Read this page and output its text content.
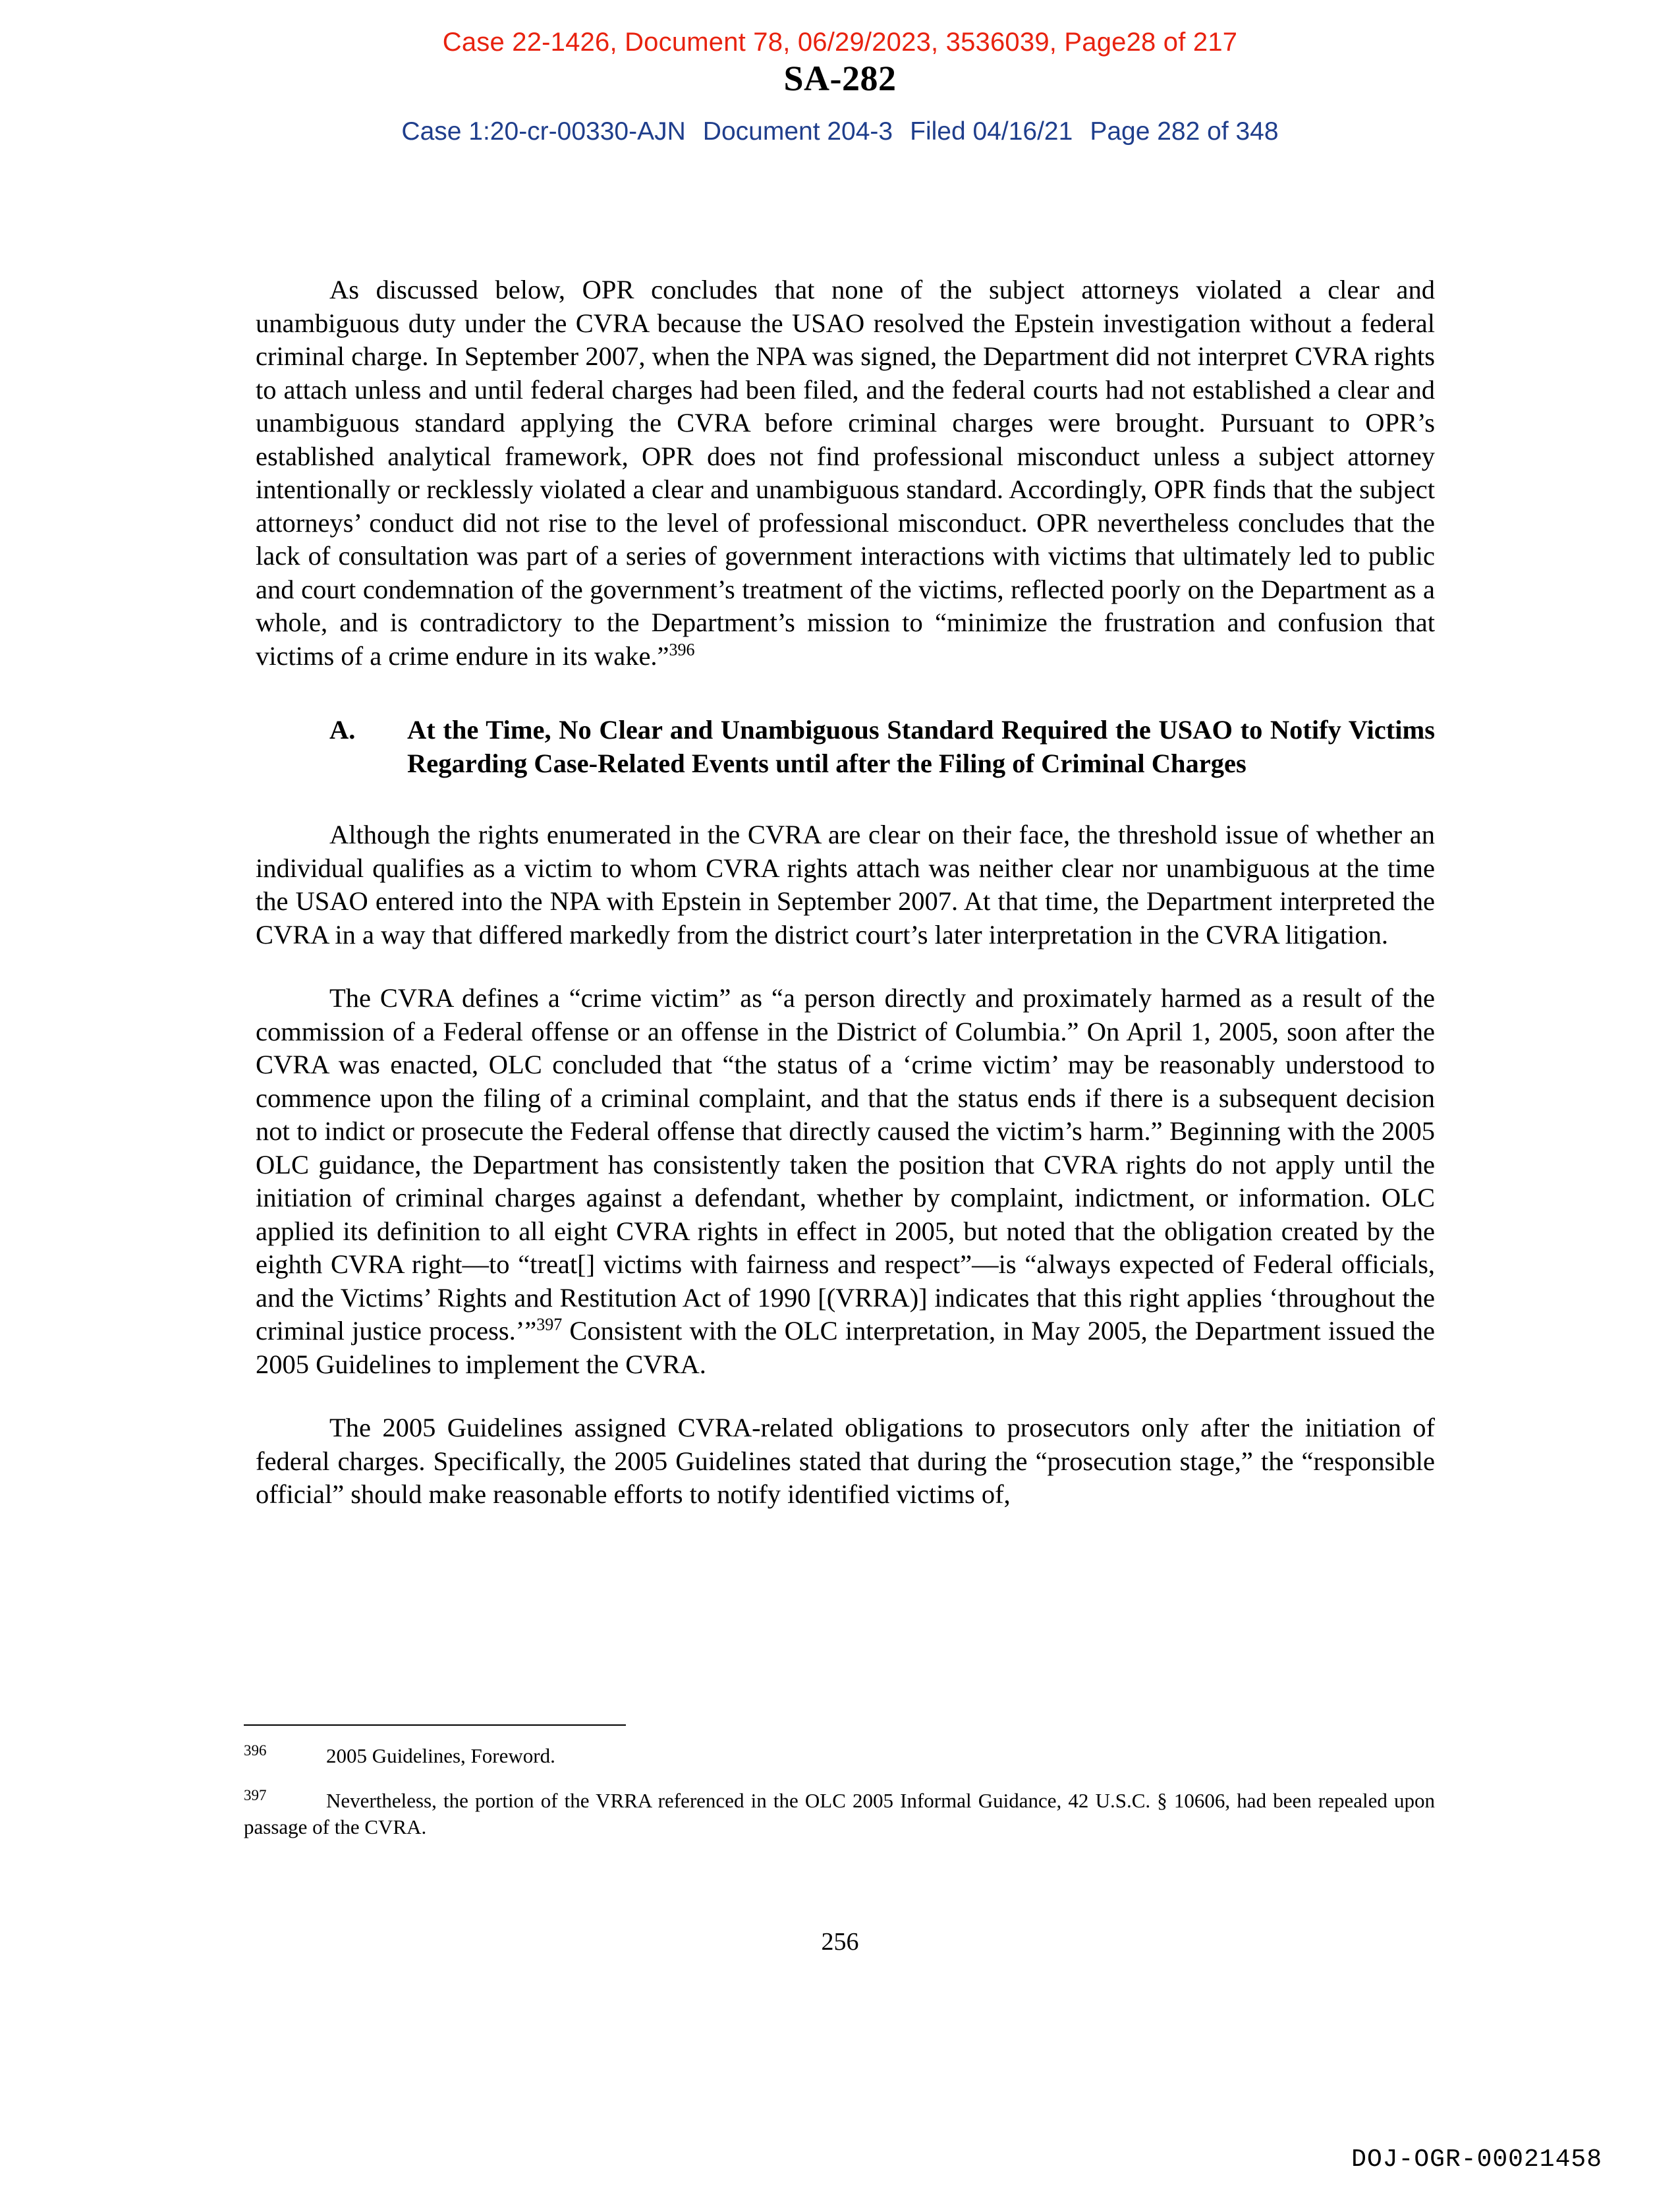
Case 22-1426, Document 78, 06/29/2023, 3536039, Page28 of 217
SA-282
Case 1:20-cr-00330-AJN Document 204-3 Filed 04/16/21 Page 282 of 348

As discussed below, OPR concludes that none of the subject attorneys violated a clear and unambiguous duty under the CVRA because the USAO resolved the Epstein investigation without a federal criminal charge. In September 2007, when the NPA was signed, the Department did not interpret CVRA rights to attach unless and until federal charges had been filed, and the federal courts had not established a clear and unambiguous standard applying the CVRA before criminal charges were brought. Pursuant to OPR’s established analytical framework, OPR does not find professional misconduct unless a subject attorney intentionally or recklessly violated a clear and unambiguous standard. Accordingly, OPR finds that the subject attorneys’ conduct did not rise to the level of professional misconduct. OPR nevertheless concludes that the lack of consultation was part of a series of government interactions with victims that ultimately led to public and court condemnation of the government’s treatment of the victims, reflected poorly on the Department as a whole, and is contradictory to the Department’s mission to “minimize the frustration and confusion that victims of a crime endure in its wake.”$^{396}$

A.	At the Time, No Clear and Unambiguous Standard Required the USAO to Notify Victims Regarding Case-Related Events until after the Filing of Criminal Charges

Although the rights enumerated in the CVRA are clear on their face, the threshold issue of whether an individual qualifies as a victim to whom CVRA rights attach was neither clear nor unambiguous at the time the USAO entered into the NPA with Epstein in September 2007. At that time, the Department interpreted the CVRA in a way that differed markedly from the district court’s later interpretation in the CVRA litigation.

The CVRA defines a “crime victim” as “a person directly and proximately harmed as a result of the commission of a Federal offense or an offense in the District of Columbia.” On April 1, 2005, soon after the CVRA was enacted, OLC concluded that “the status of a ‘crime victim’ may be reasonably understood to commence upon the filing of a criminal complaint, and that the status ends if there is a subsequent decision not to indict or prosecute the Federal offense that directly caused the victim’s harm.” Beginning with the 2005 OLC guidance, the Department has consistently taken the position that CVRA rights do not apply until the initiation of criminal charges against a defendant, whether by complaint, indictment, or information. OLC applied its definition to all eight CVRA rights in effect in 2005, but noted that the obligation created by the eighth CVRA right—to “treat[] victims with fairness and respect”—is “always expected of Federal officials, and the Victims’ Rights and Restitution Act of 1990 [(VRRA)] indicates that this right applies ‘throughout the criminal justice process.’”$^{397}$ Consistent with the OLC interpretation, in May 2005, the Department issued the 2005 Guidelines to implement the CVRA.

The 2005 Guidelines assigned CVRA-related obligations to prosecutors only after the initiation of federal charges. Specifically, the 2005 Guidelines stated that during the “prosecution stage,” the “responsible official” should make reasonable efforts to notify identified victims of,

396	2005 Guidelines, Foreword.
397	Nevertheless, the portion of the VRRA referenced in the OLC 2005 Informal Guidance, 42 U.S.C. § 10606, had been repealed upon passage of the CVRA.
256
DOJ-OGR-00021458
